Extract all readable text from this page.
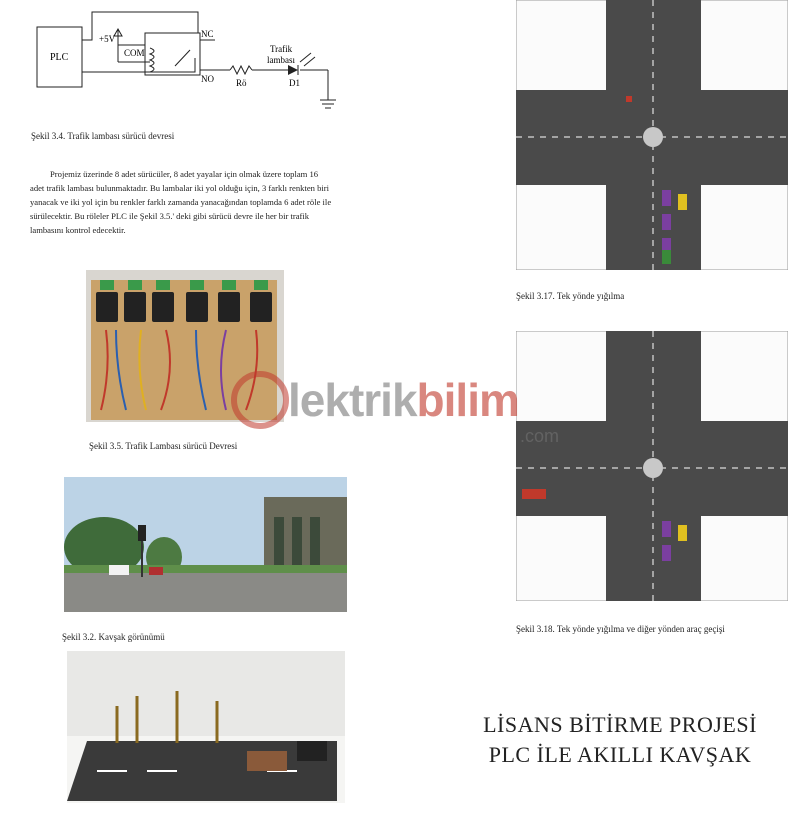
PLC
+5V
COM
NC
NO
Trafik
lambası
Rö	D1
Şekil 3.4. Trafik lambası sürücü devresi
Projemiz üzerinde 8 adet sürücüler, 8 adet yayalar için olmak üzere toplam 16
adet trafik lambası bulunmaktadır. Bu lambalar iki yol olduğu için, 3 farklı renkten biri
yanacak ve iki yol için bu renkler farklı zamanda yanacağından toplamda 6 adet röle ile
sürülecektir. Bu röleler PLC ile Şekil 3.5.' deki gibi sürücü devre ile her bir trafik
lambasını kontrol edecektir.
Şekil 3.5. Trafik Lambası sürücü Devresi
Şekil 3.2. Kavşak görünümü
Şekil 3.17. Tek yönde yığılma
Şekil 3.18. Tek yönde yığılma ve diğer yönden araç geçişi
LİSANS BİTİRME PROJESİ
PLC İLE AKILLI KAVŞAK
lektrikbilim
.com
